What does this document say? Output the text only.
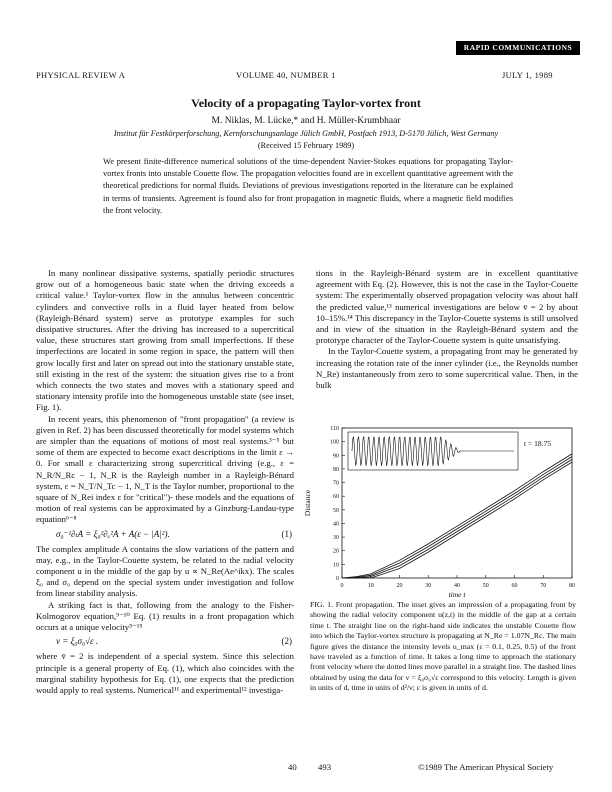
RAPID COMMUNICATIONS
PHYSICAL REVIEW A	VOLUME 40, NUMBER 1	JULY 1, 1989
Velocity of a propagating Taylor-vortex front
M. Niklas, M. Lücke,* and H. Müller-Krumbhaar
Institut für Festkörperforschung, Kernforschungsanlage Jülich GmbH, Postfach 1913, D-5170 Jülich, West Germany
(Received 15 February 1989)
We present finite-difference numerical solutions of the time-dependent Navier-Stokes equations for propagating Taylor-vortex fronts into unstable Couette flow. The propagation velocities found are in excellent quantitative agreement with the theoretical predictions for normal fluids. Deviations of previous investigations reported in the literature can be explained in terms of transients. Agreement is found also for front propagation in magnetic fluids, where a magnetic field modifies the front velocity.

In many nonlinear dissipative systems, spatially periodic structures grow out of a homogeneous basic state when the driving exceeds a critical value.¹ Taylor-vortex flow in the annulus between concentric cylinders and convective rolls in a fluid layer heated from below (Rayleigh-Bénard system) serve as prototype examples for such dissipative structures. After the driving has increased to a supercritical value, these structures start growing from small imperfections. If these imperfections are located in some region in space, the pattern will then grow locally first and later on spread out into the stationary unstable state, still existing in the rest of the system: the situation gives rise to a front which connects the two states and moves with a stationary speed and stationary intensity profile into the homogeneous unstable state (see inset, Fig. 1).

In recent years, this phenomenon of "front propagation" (a review is given in Ref. 2) has been discussed theoretically for model systems which are simpler than the equations of motions of most real systems.³⁻⁵ but some of them are expected to become exact descriptions in the limit ε → 0. For small ε characterizing strong supercritical driving (e.g., ε = N_R/N_Rc − 1, N_R is the Rayleigh number in a Rayleigh-Bénard system, ε = N_T/N_Tc − 1, N_T is the Taylor number, proportional to the square of N_Rei index ε for "critical")- these models and the equations of motion of real systems can be approximated by a Ginzburg-Landau-type equation⁶⁻⁸

σ₀⁻¹∂ₜA = ξ₀²∂ₓ²A + A(ε − |A|²).	(1)

The complex amplitude A contains the slow variations of the pattern and may, e.g., in the Taylor-Couette system, be related to the radial velocity component u in the middle of the gap by u ∝ N_Re(Ae^ikx). The scales ξ₀ and σ₀ depend on the special system under investigation and follow from linear stability analysis.

A striking fact is that, following from the analogy to the Fisher-Kolmogorov equation,⁹⁻¹⁰ Eq. (1) results in a front propagation which occurs at a unique velocity⁵⁻¹⁵

v = ξ₀σ₀√ε .	(2)

where v̄ = 2 is independent of a special system. Since this selection principle is a general property of Eq. (1), which also coincides with the marginal stability hypothesis for Eq. (1), one expects that the prediction would apply to real systems. Numerical¹¹ and experimental¹² investiga-

tions in the Rayleigh-Bénard system are in excellent quantitative agreement with Eq. (2). However, this is not the case in the Taylor-Couette system: The experimentally observed propagation velocity was about half the predicted value,¹³ numerical investigations are below v̄ = 2 by about 10–15%.¹⁴ This discrepancy in the Taylor-Couette systems is still unsolved and in view of the situation in the Rayleigh-Bénard system and the prototype character of the Taylor-Couette system is quite unsatisfying.

In the Taylor-Couette system, a propagating front may be generated by increasing the rotation rate of the inner cylinder (i.e., the Reynolds number N_Re) instantaneously from zero to some supercritical value. Then, in the bulk

0	10	20	30	40	50	60	70	80
0
10
20
30
40
50
60
70
80
90
100
110
time t
Distance
t = 18.75
FIG. 1. Front propagation. The inset gives an impression of a propagating front by showing the radial velocity component u(z,t) in the middle of the gap at a certain time t. The straight line on the right-hand side indicates the unstable Couette flow into which the Taylor-vortex structure is propagating at N_Re = 1.07N_Rc. The main figure gives the distance the intensity levels u_max (ε = 0.1, 0.25, 0.5) of the front have traveled as a function of time. It takes a long time to approach the stationary front velocity where the dotted lines move parallel in a straight line. The dashed lines obtained by using the data for v = ξ₀σ₀√ε correspond to this velocity. Length is given in units of d, time in units of d²/ν; ε is given in units of d.
40 493	©1989 The American Physical Society
